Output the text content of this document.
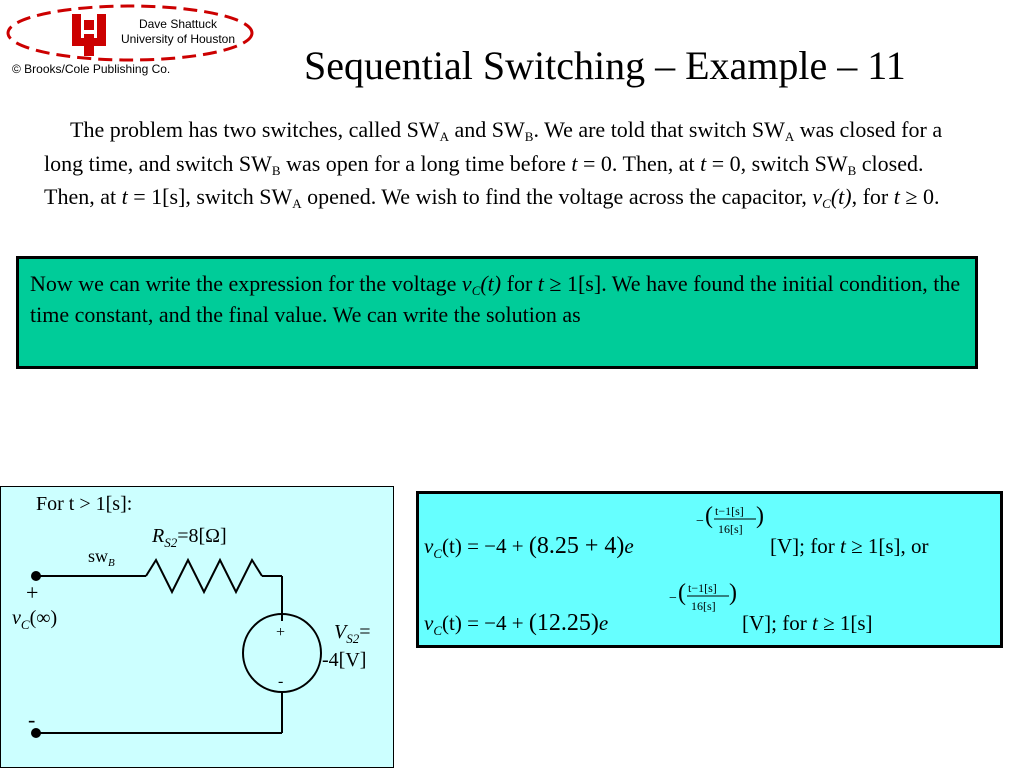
Dave Shattuck
University of Houston
© Brooks/Cole Publishing Co.	Sequential Switching – Example – 11
The problem has two switches, called $SW_A$ and $SW_B$. We are told that switch $SW_A$ was closed for a long time, and switch $SW_B$ was open for a long time before t = 0. Then, at t = 0, switch $SW_B$ closed. Then, at t = 1[s], switch $SW_A$ opened. We wish to find the voltage across the capacitor, $v_C(t)$, for t ≥ 0.
Now we can write the expression for the voltage $v_C(t)$ for t ≥ 1[s]. We have found the initial condition, the time constant, and the final value. We can write the solution as
For t > 1[s]:
$R_{S2}=8[\Omega]$
$sw_B$
+
$v_C(\infty)$
-
+
-
$V_{S2}=$
-4[V]
$v_C(t) = -4 + (8.25 + 4)e$
− ( t−1[s]
16[s] )
[V]; for t ≥ 1[s], or
$v_C(t) = -4 + (12.25)e$
− ( t−1[s]
16[s] )
[V]; for t ≥ 1[s]
